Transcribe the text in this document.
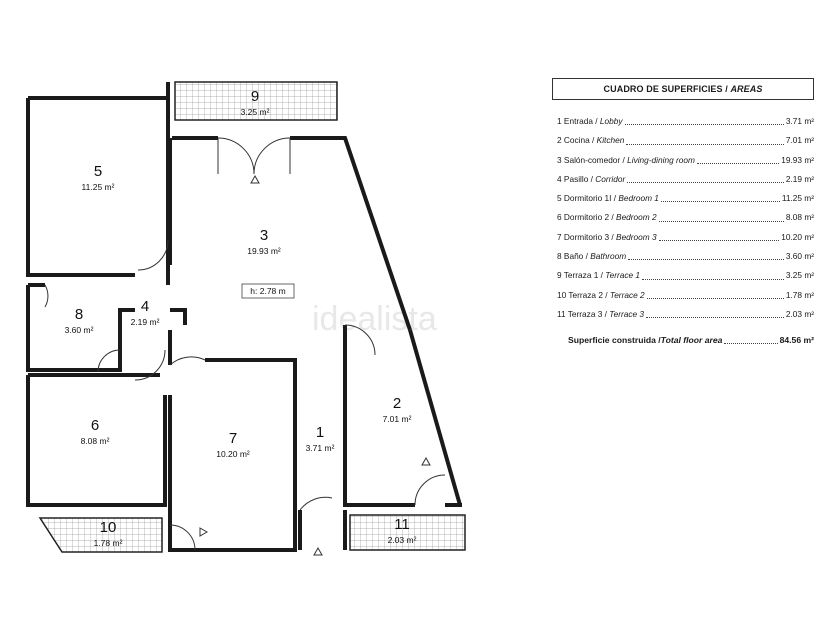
idealista
h: 2.78 m
1
3.71 m²
2
7.01 m²
3
19.93 m²
4
2.19 m²
5
11.25 m²
6
8.08 m²	7
10.20 m²
8
3.60 m²
9
3.25 m²
10
1.78 m²
11
2.03 m²
CUADRO DE SUPERFICIES / AREAS
1 Entrada / Lobby	3.71 m²
2 Cocina / Kitchen	7.01 m²
3 Salón-comedor / Living-dining room	19.93 m²
4 Pasillo / Corridor	2.19 m²
5 Dormitorio 1I / Bedroom 1	11.25 m²
6 Dormitorio 2 / Bedroom 2	8.08 m²
7 Dormitorio 3 / Bedroom 3	10.20 m²
8 Baño / Bathroom	3.60 m²
9 Terraza 1 / Terrace 1	3.25 m²
10 Terraza 2 / Terrace 2	1.78 m²
11 Terraza 3 / Terrace 3	2.03 m²
Superficie construida / Total floor area	84.56 m²
